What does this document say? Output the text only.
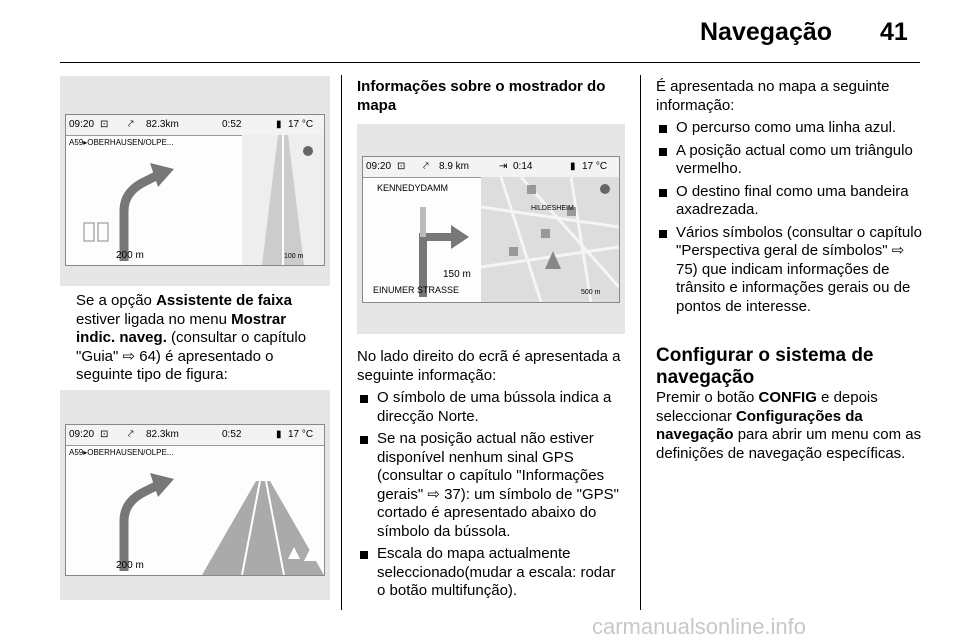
Navegação 41
09:20 ⊡ ⤤ 82.3km	0:52	▮ 17 °C
A59▸OBERHAUSEN/OLPE...
200 m	100 m

Se a opção Assistente de faixa estiver ligada no menu Mostrar indic. naveg. (consultar o capítulo "Guia" ⇨ 64) é apresentado o seguinte tipo de figura:

09:20 ⊡ ⤤ 82.3km	0:52	▮ 17 °C
A59▸OBERHAUSEN/OLPE...
200 m
Informações sobre o mostrador do mapa
09:20 ⊡ ⤤ 8.9 km	⇥ 0:14	▮ 17 °C
KENNEDYDAMM
150 m
EINUMER STRASSE
HILDESHEIM
500 m

No lado direito do ecrã é apresentada a seguinte informação:

O símbolo de uma bússola indica a direcção Norte.
Se na posição actual não estiver disponível nenhum sinal GPS (consultar o capítulo "Informações gerais" ⇨ 37): um símbolo de "GPS" cortado é apresentado abaixo do símbolo da bússola.
Escala do mapa actualmente seleccionado(mudar a escala: rodar o botão multifunção).

É apresentada no mapa a seguinte informação:

O percurso como uma linha azul.
A posição actual como um triângulo vermelho.
O destino final como uma bandeira axadrezada.
Vários símbolos (consultar o capítulo "Perspectiva geral de símbolos" ⇨ 75) que indicam informações de trânsito e informações gerais ou de pontos de interesse.
Configurar o sistema de navegação

Premir o botão CONFIG e depois seleccionar Configurações da navegação para abrir um menu com as definições de navegação específicas.

carmanualsonline.info
